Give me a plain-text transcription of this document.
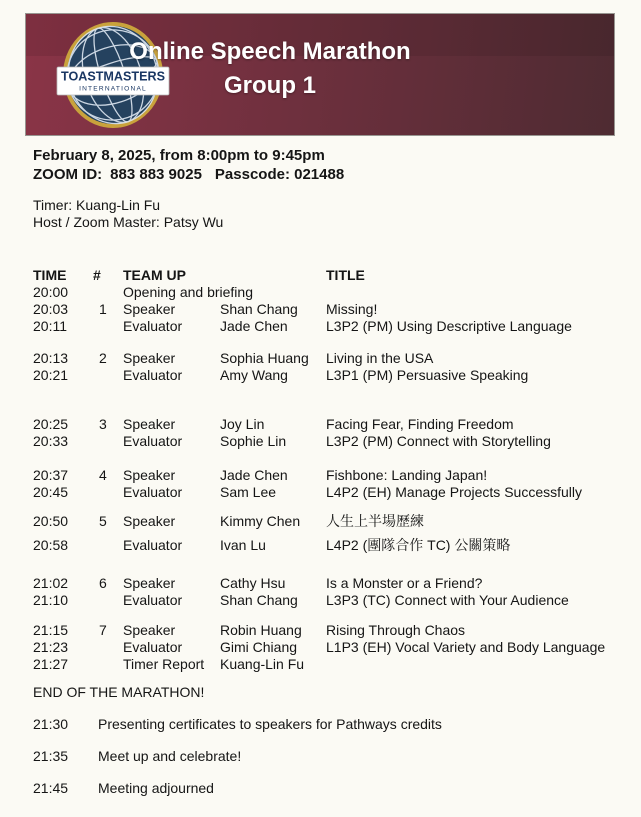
TOASTMASTERS
INTERNATIONAL
Online Speech Marathon
Group 1
February 8, 2025, from 8:00pm to 9:45pm
ZOOM ID: 883 883 9025 Passcode: 021488
Timer: Kuang-Lin Fu
Host / Zoom Master: Patsy Wu
TIME	#	TEAM UP	TITLE
20:00	Opening and briefing
20:03	1	Speaker	Shan Chang	Missing!
20:11	Evaluator	Jade Chen	L3P2 (PM) Using Descriptive Language
20:13	2	Speaker	Sophia Huang	Living in the USA
20:21	Evaluator	Amy Wang	L3P1 (PM) Persuasive Speaking
20:25	3	Speaker	Joy Lin	Facing Fear, Finding Freedom
20:33	Evaluator	Sophie Lin	L3P2 (PM) Connect with Storytelling
20:37	4	Speaker	Jade Chen	Fishbone: Landing Japan!
20:45	Evaluator	Sam Lee	L4P2 (EH) Manage Projects Successfully
20:50	5	Speaker	Kimmy Chen	人生上半場歷練
20:58	Evaluator	Ivan Lu	L4P2 (團隊合作 TC) 公關策略
21:02	6	Speaker	Cathy Hsu	Is a Monster or a Friend?
21:10	Evaluator	Shan Chang	L3P3 (TC) Connect with Your Audience
21:15	7	Speaker	Robin Huang	Rising Through Chaos
21:23	Evaluator	Gimi Chiang	L1P3 (EH) Vocal Variety and Body Language
21:27	Timer Report	Kuang-Lin Fu
END OF THE MARATHON!
21:30	Presenting certificates to speakers for Pathways credits
21:35	Meet up and celebrate!
21:45	Meeting adjourned
